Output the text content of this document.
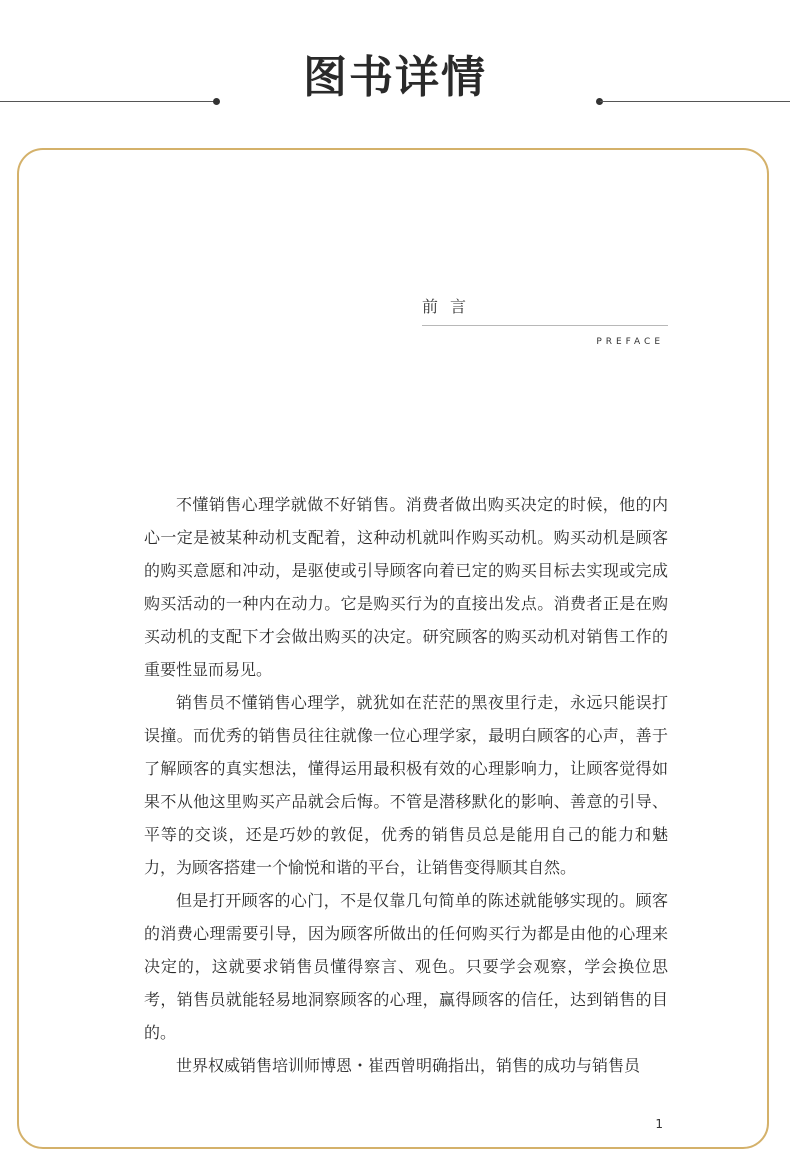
图书详情
前言
PREFACE

不懂销售心理学就做不好销售。消费者做出购买决定的时候，他的内心一定是被某种动机支配着，这种动机就叫作购买动机。购买动机是顾客的购买意愿和冲动，是驱使或引导顾客向着已定的购买目标去实现或完成购买活动的一种内在动力。它是购买行为的直接出发点。消费者正是在购买动机的支配下才会做出购买的决定。研究顾客的购买动机对销售工作的重要性显而易见。

销售员不懂销售心理学，就犹如在茫茫的黑夜里行走，永远只能误打误撞。而优秀的销售员往往就像一位心理学家，最明白顾客的心声，善于了解顾客的真实想法，懂得运用最积极有效的心理影响力，让顾客觉得如果不从他这里购买产品就会后悔。不管是潜移默化的影响、善意的引导、平等的交谈，还是巧妙的敦促，优秀的销售员总是能用自己的能力和魅力，为顾客搭建一个愉悦和谐的平台，让销售变得顺其自然。

但是打开顾客的心门，不是仅靠几句简单的陈述就能够实现的。顾客的消费心理需要引导，因为顾客所做出的任何购买行为都是由他的心理来决定的，这就要求销售员懂得察言、观色。只要学会观察，学会换位思考，销售员就能轻易地洞察顾客的心理，赢得顾客的信任，达到销售的目的。

世界权威销售培训师博恩・崔西曾明确指出，销售的成功与销售员

1
